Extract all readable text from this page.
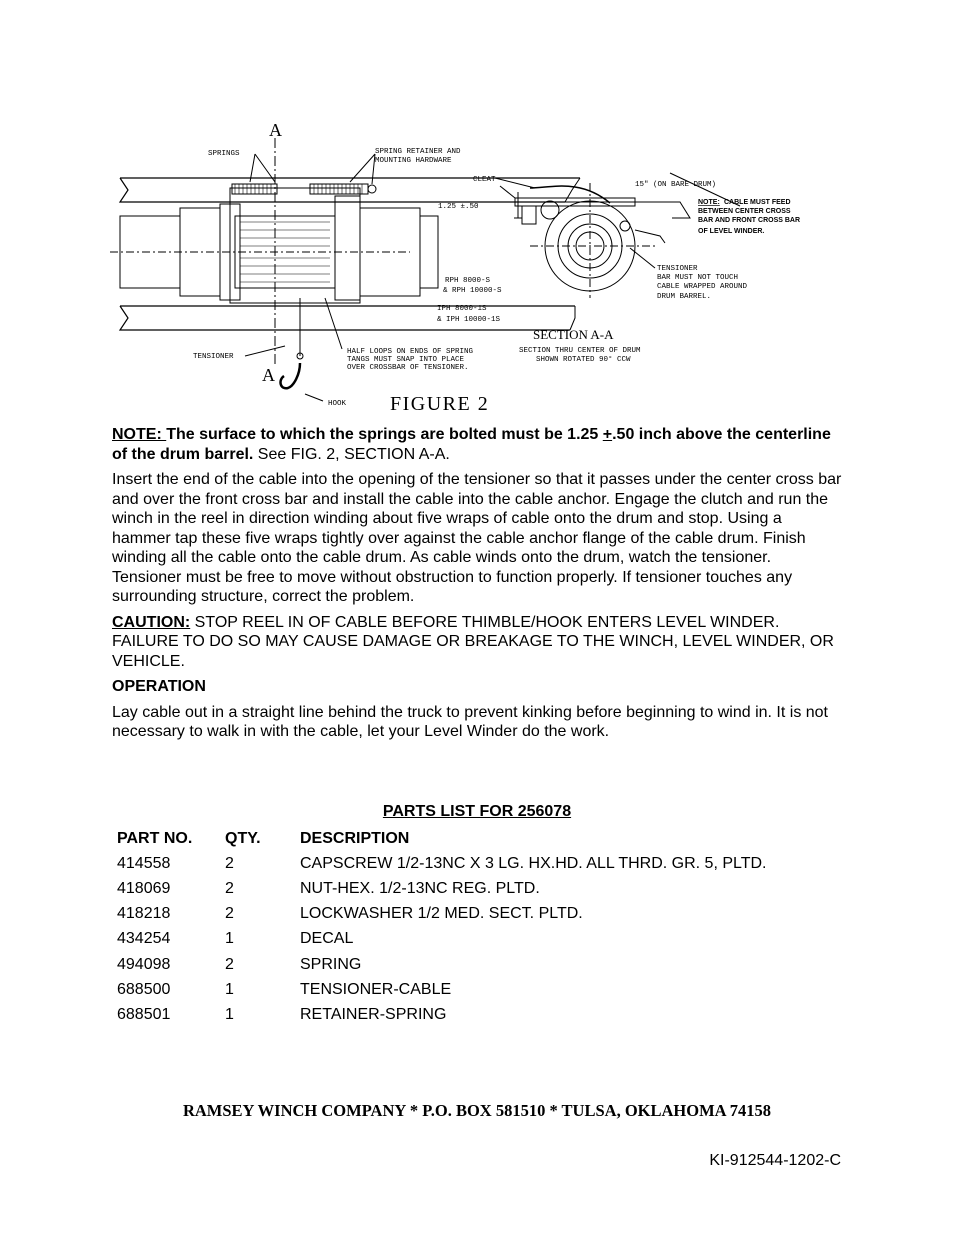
A
A
SPRINGS	SPRING RETAINER AND
MOUNTING HARDWARE
CLEAT
15" (ON BARE DRUM)
1.25 ±.50
NOTE: CABLE MUST FEED
BETWEEN CENTER CROSS
BAR AND FRONT CROSS BAR
OF LEVEL WINDER.
TENSIONER
BAR MUST NOT TOUCH
CABLE WRAPPED AROUND
DRUM BARREL.
RPH 8000-S
& RPH 10000-S
IPH 8000-1S
& IPH 10000-1S
SECTION A-A
SECTION THRU CENTER OF DRUM
SHOWN ROTATED 90° CCW
TENSIONER
HALF LOOPS ON ENDS OF SPRING
TANGS MUST SNAP INTO PLACE
OVER CROSSBAR OF TENSIONER.
HOOK FIGURE 2

NOTE: The surface to which the springs are bolted must be 1.25 +.50 inch above the centerline of the drum barrel. See FIG. 2, SECTION A-A.

Insert the end of the cable into the opening of the tensioner so that it passes under the center cross bar and over the front cross bar and install the cable into the cable anchor. Engage the clutch and run the winch in the reel in direction winding about five wraps of cable onto the drum and stop. Using a hammer tap these five wraps tightly over against the cable anchor flange of the cable drum. Finish winding all the cable onto the cable drum. As cable winds onto the drum, watch the tensioner. Tensioner must be free to move without obstruction to function properly. If tensioner touches any surrounding structure, correct the problem.

CAUTION: STOP REEL IN OF CABLE BEFORE THIMBLE/HOOK ENTERS LEVEL WINDER. FAILURE TO DO SO MAY CAUSE DAMAGE OR BREAKAGE TO THE WINCH, LEVEL WINDER, OR VEHICLE.

OPERATION

Lay cable out in a straight line behind the truck to prevent kinking before beginning to wind in. It is not necessary to walk in with the cable, let your Level Winder do the work.

PARTS LIST FOR 256078
PART NO.	QTY.	DESCRIPTION
414558	2	CAPSCREW 1/2-13NC X 3 LG. HX.HD. ALL THRD. GR. 5, PLTD.
418069	2	NUT-HEX. 1/2-13NC REG. PLTD.
418218	2	LOCKWASHER 1/2 MED. SECT. PLTD.
434254	1	DECAL
494098	2	SPRING
688500	1	TENSIONER-CABLE
688501	1	RETAINER-SPRING
RAMSEY WINCH COMPANY * P.O. BOX 581510 * TULSA, OKLAHOMA 74158
KI-912544-1202-C
